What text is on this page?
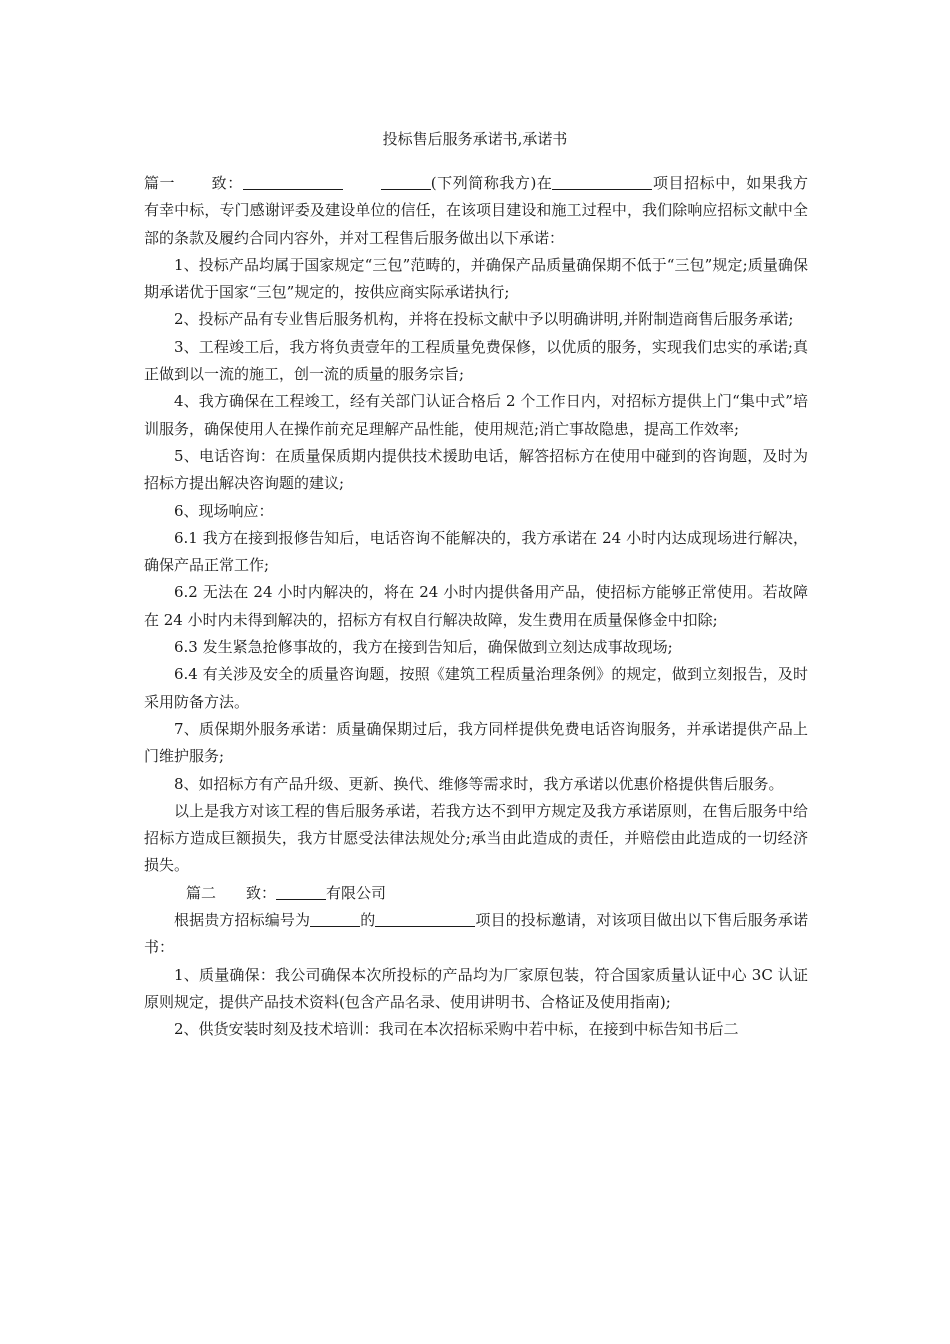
投标售后服务承诺书,承诺书

篇一 致：	(下列简称我方)在	项目招标中，如果我方有幸中标，专门感谢评委及建设单位的信任，在该项目建设和施工过程中，我们除响应招标文献中全部的条款及履约合同内容外，并对工程售后服务做出以下承诺：

1、投标产品均属于国家规定“三包”范畴的，并确保产品质量确保期不低于“三包”规定;质量确保期承诺优于国家“三包”规定的，按供应商实际承诺执行;

2、投标产品有专业售后服务机构，并将在投标文献中予以明确讲明,并附制造商售后服务承诺;

3、工程竣工后，我方将负责壹年的工程质量免费保修，以优质的服务，实现我们忠实的承诺;真正做到以一流的施工，创一流的质量的服务宗旨;

4、我方确保在工程竣工，经有关部门认证合格后 2 个工作日内，对招标方提供上门“集中式”培训服务，确保使用人在操作前充足理解产品性能，使用规范;消亡事故隐患，提高工作效率;

5、电话咨询：在质量保质期内提供技术援助电话，解答招标方在使用中碰到的咨询题，及时为招标方提出解决咨询题的建议;

6、现场响应：

6.1 我方在接到报修告知后，电话咨询不能解决的，我方承诺在 24 小时内达成现场进行解决，确保产品正常工作;

6.2 无法在 24 小时内解决的，将在 24 小时内提供备用产品，使招标方能够正常使用。若故障在 24 小时内未得到解决的，招标方有权自行解决故障，发生费用在质量保修金中扣除;

6.3 发生紧急抢修事故的，我方在接到告知后，确保做到立刻达成事故现场;

6.4 有关涉及安全的质量咨询题，按照《建筑工程质量治理条例》的规定，做到立刻报告，及时采用防备方法。

7、质保期外服务承诺：质量确保期过后，我方同样提供免费电话咨询服务，并承诺提供产品上门维护服务;

8、如招标方有产品升级、更新、换代、维修等需求时，我方承诺以优惠价格提供售后服务。

以上是我方对该工程的售后服务承诺，若我方达不到甲方规定及我方承诺原则，在售后服务中给招标方造成巨额损失，我方甘愿受法律法规处分;承当由此造成的责任，并赔偿由此造成的一切经济损失。

篇二 致：	有限公司

根据贵方招标编号为	的	项目的投标邀请，对该项目做出以下售后服务承诺书：

1、质量确保：我公司确保本次所投标的产品均为厂家原包装，符合国家质量认证中心 3C 认证原则规定，提供产品技术资料(包含产品名录、使用讲明书、合格证及使用指南);

2、供货安装时刻及技术培训：我司在本次招标采购中若中标，在接到中标告知书后二
